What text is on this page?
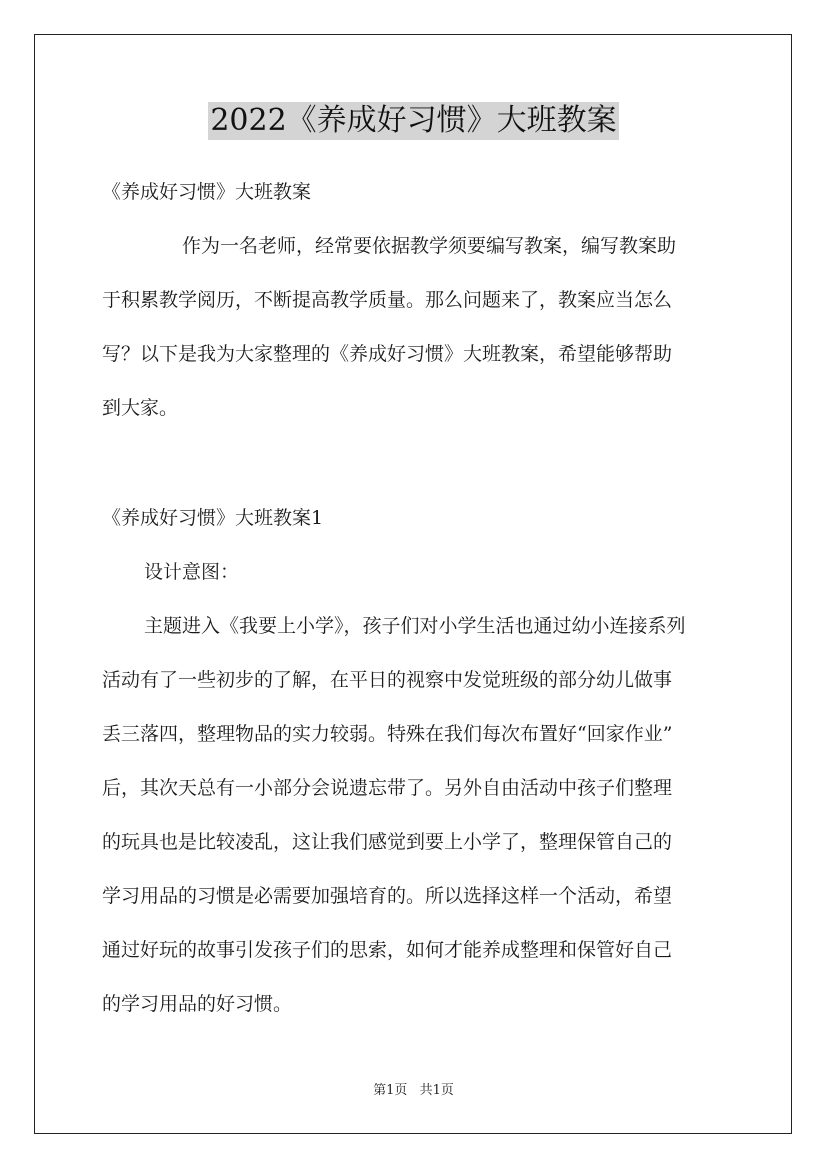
2022《养成好习惯》大班教案
《养成好习惯》大班教案
作为一名老师，经常要依据教学须要编写教案，编写教案助
于积累教学阅历，不断提高教学质量。那么问题来了，教案应当怎么
写？以下是我为大家整理的《养成好习惯》大班教案，希望能够帮助
到大家。
《养成好习惯》大班教案1
设计意图：
主题进入《我要上小学》，孩子们对小学生活也通过幼小连接系列
活动有了一些初步的了解，在平日的视察中发觉班级的部分幼儿做事
丢三落四，整理物品的实力较弱。特殊在我们每次布置好“回家作业”
后，其次天总有一小部分会说遗忘带了。另外自由活动中孩子们整理
的玩具也是比较凌乱，这让我们感觉到要上小学了，整理保管自己的
学习用品的习惯是必需要加强培育的。所以选择这样一个活动，希望
通过好玩的故事引发孩子们的思索，如何才能养成整理和保管好自己
的学习用品的好习惯。
第1页 共1页
